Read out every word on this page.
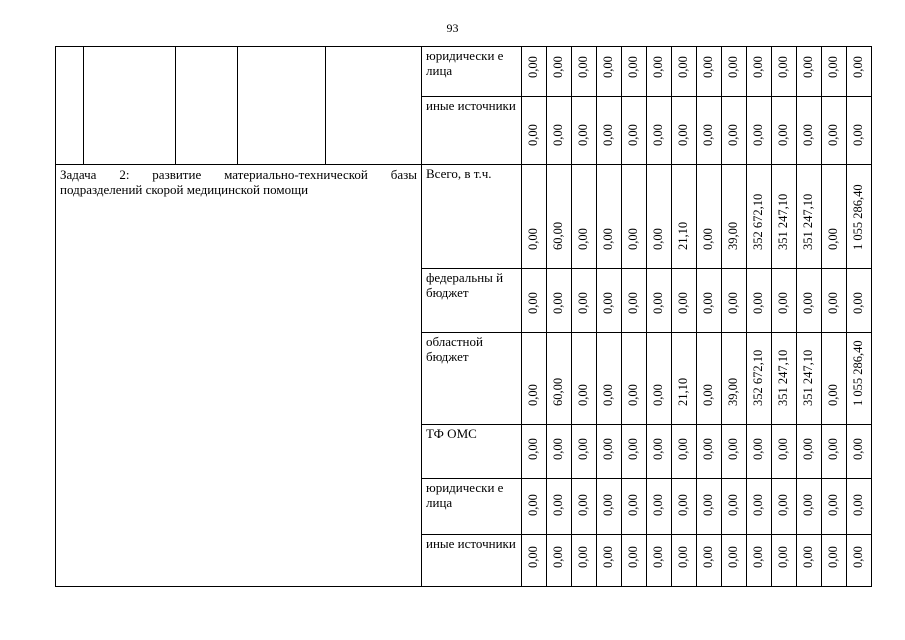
93
					юридически е лица	0,00	0,00	0,00	0,00	0,00	0,00	0,00	0,00	0,00	0,00	0,00	0,00	0,00	0,00

					иные источники	0,00	0,00	0,00	0,00	0,00	0,00	0,00	0,00	0,00	0,00	0,00	0,00	0,00	0,00

Задача 2: развитие материально-технической базы подразделений скорой медицинской помощи					Всего, в т.ч.	0,00	60,00	0,00	0,00	0,00	0,00	21,10	0,00	39,00	352 672,10	351 247,10	351 247,10	0,00	1 055 286,40

					федеральны й бюджет	0,00	0,00	0,00	0,00	0,00	0,00	0,00	0,00	0,00	0,00	0,00	0,00	0,00	0,00

					областной бюджет	0,00	60,00	0,00	0,00	0,00	0,00	21,10	0,00	39,00	352 672,10	351 247,10	351 247,10	0,00	1 055 286,40

					ТФ ОМС	0,00	0,00	0,00	0,00	0,00	0,00	0,00	0,00	0,00	0,00	0,00	0,00	0,00	0,00

					юридически е лица	0,00	0,00	0,00	0,00	0,00	0,00	0,00	0,00	0,00	0,00	0,00	0,00	0,00	0,00

					иные источники	0,00	0,00	0,00	0,00	0,00	0,00	0,00	0,00	0,00	0,00	0,00	0,00	0,00	0,00
